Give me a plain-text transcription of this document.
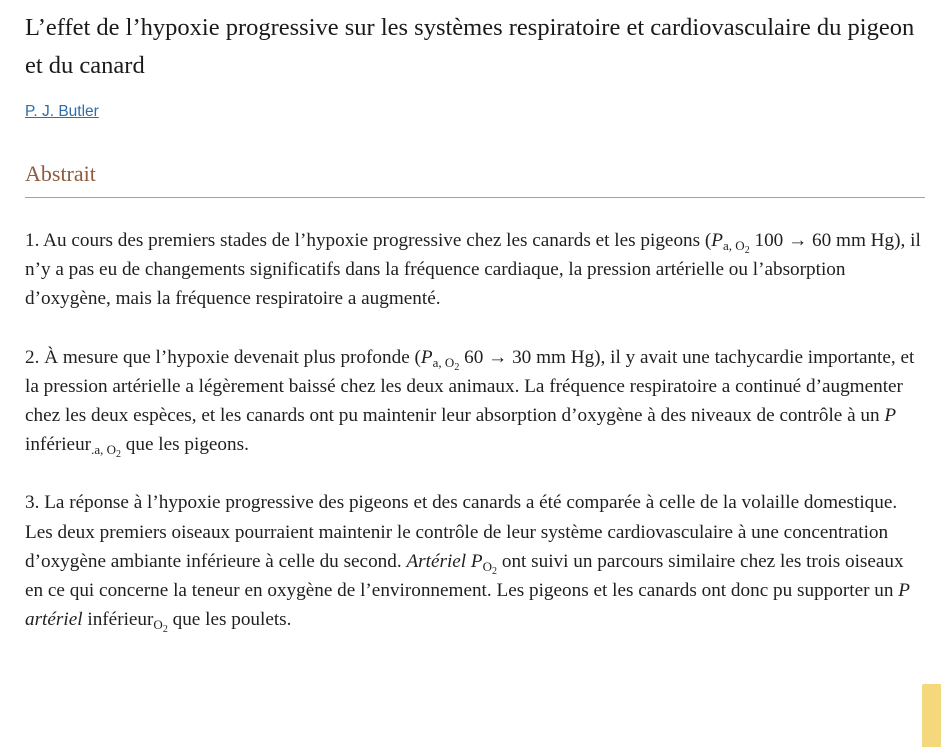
L’effet de l’hypoxie progressive sur les systèmes respiratoire et cardiovasculaire du pigeon et du canard
P. J. Butler
Abstrait

1. Au cours des premiers stades de l’hypoxie progressive chez les canards et les pigeons ($P_{a, O_2}$ 100 → 60 mm Hg), il n’y a pas eu de changements significatifs dans la fréquence cardiaque, la pression artérielle ou l’absorption d’oxygène, mais la fréquence respiratoire a augmenté.

2. À mesure que l’hypoxie devenait plus profonde ($P_{a, O_2}$ 60 → 30 mm Hg), il y avait une tachycardie importante, et la pression artérielle a légèrement baissé chez les deux animaux. La fréquence respiratoire a continué d’augmenter chez les deux espèces, et les canards ont pu maintenir leur absorption d’oxygène à des niveaux de contrôle à un P inférieur$_{.a, O_2}$ que les pigeons.

3. La réponse à l’hypoxie progressive des pigeons et des canards a été comparée à celle de la volaille domestique. Les deux premiers oiseaux pourraient maintenir le contrôle de leur système cardiovasculaire à une concentration d’oxygène ambiante inférieure à celle du second. Artériel $P_{O_2}$ ont suivi un parcours similaire chez les trois oiseaux en ce qui concerne la teneur en oxygène de l’environnement. Les pigeons et les canards ont donc pu supporter un P artériel inférieur$_{O_2}$ que les poulets.
